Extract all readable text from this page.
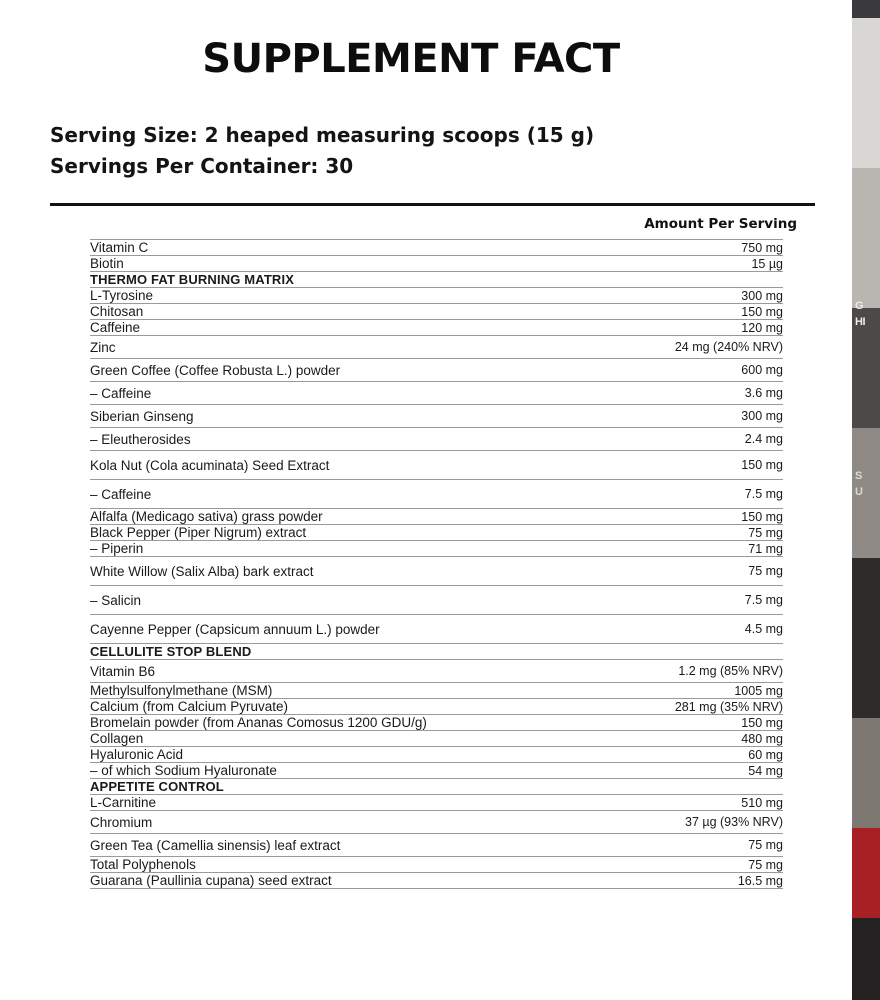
SUPPLEMENT FACT
Serving Size: 2 heaped measuring scoops (15 g)
Servings Per Container: 30
Amount Per Serving
Vitamin C	750 mg
Biotin	15 µg
THERMO FAT BURNING MATRIX	
L-Tyrosine	300 mg
Chitosan	150 mg
Caffeine	120 mg
Zinc	24 mg (240% NRV)
Green Coffee (Coffee Robusta L.) powder	600 mg
– Caffeine	3.6 mg
Siberian Ginseng	300 mg
– Eleutherosides	2.4 mg
Kola Nut (Cola acuminata) Seed Extract	150 mg
– Caffeine	7.5 mg
Alfalfa (Medicago sativa) grass powder	150 mg
Black Pepper (Piper Nigrum) extract	75 mg
– Piperin	71 mg
White Willow (Salix Alba) bark extract	75 mg
– Salicin	7.5 mg
Cayenne Pepper (Capsicum annuum L.) powder	4.5 mg
CELLULITE STOP BLEND	
Vitamin B6	1.2 mg (85% NRV)
Methylsulfonylmethane (MSM)	1005 mg
Calcium (from Calcium Pyruvate)	281 mg (35% NRV)
Bromelain powder (from Ananas Comosus 1200 GDU/g)	150 mg
Collagen	480 mg
Hyaluronic Acid	60 mg
– of which Sodium Hyaluronate	54 mg
APPETITE CONTROL	
L-Carnitine	510 mg
Chromium	37 µg (93% NRV)
Green Tea (Camellia sinensis) leaf extract	75 mg
Total Polyphenols	75 mg
Guarana (Paullinia cupana) seed extract	16.5 mg
G
HI
S
U
